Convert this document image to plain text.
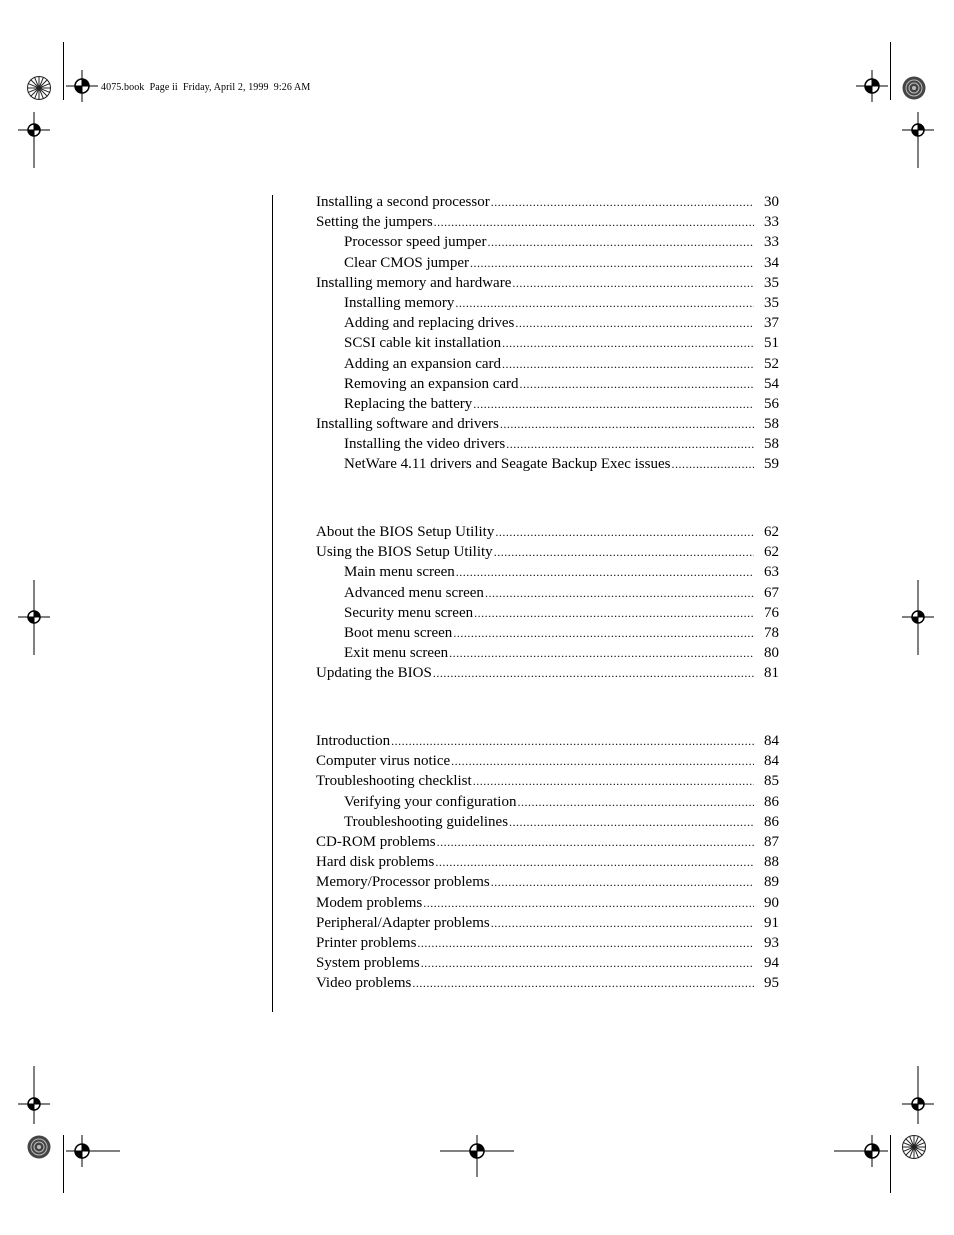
4075.book  Page ii  Friday, April 2, 1999  9:26 AM
Installing a second processor .....	30
Setting the jumpers .....	33
Processor speed jumper .....	33
Clear CMOS jumper .....	34
Installing memory and hardware .....	35
Installing memory .....	35
Adding and replacing drives .....	37
SCSI cable kit installation .....	51
Adding an expansion card .....	52
Removing an expansion card .....	54
Replacing the battery .....	56
Installing software and drivers .....	58
Installing the video drivers .....	58
NetWare 4.11 drivers and Seagate Backup Exec issues .....	59
About the BIOS Setup Utility .....	62
Using the BIOS Setup Utility .....	62
Main menu screen .....	63
Advanced menu screen .....	67
Security menu screen .....	76
Boot menu screen .....	78
Exit menu screen .....	80
Updating the BIOS .....	81
Introduction .....	84
Computer virus notice .....	84
Troubleshooting checklist .....	85
Verifying your configuration .....	86
Troubleshooting guidelines .....	86
CD-ROM problems .....	87
Hard disk problems .....	88
Memory/Processor problems .....	89
Modem problems .....	90
Peripheral/Adapter problems .....	91
Printer problems .....	93
System problems .....	94
Video problems .....	95
